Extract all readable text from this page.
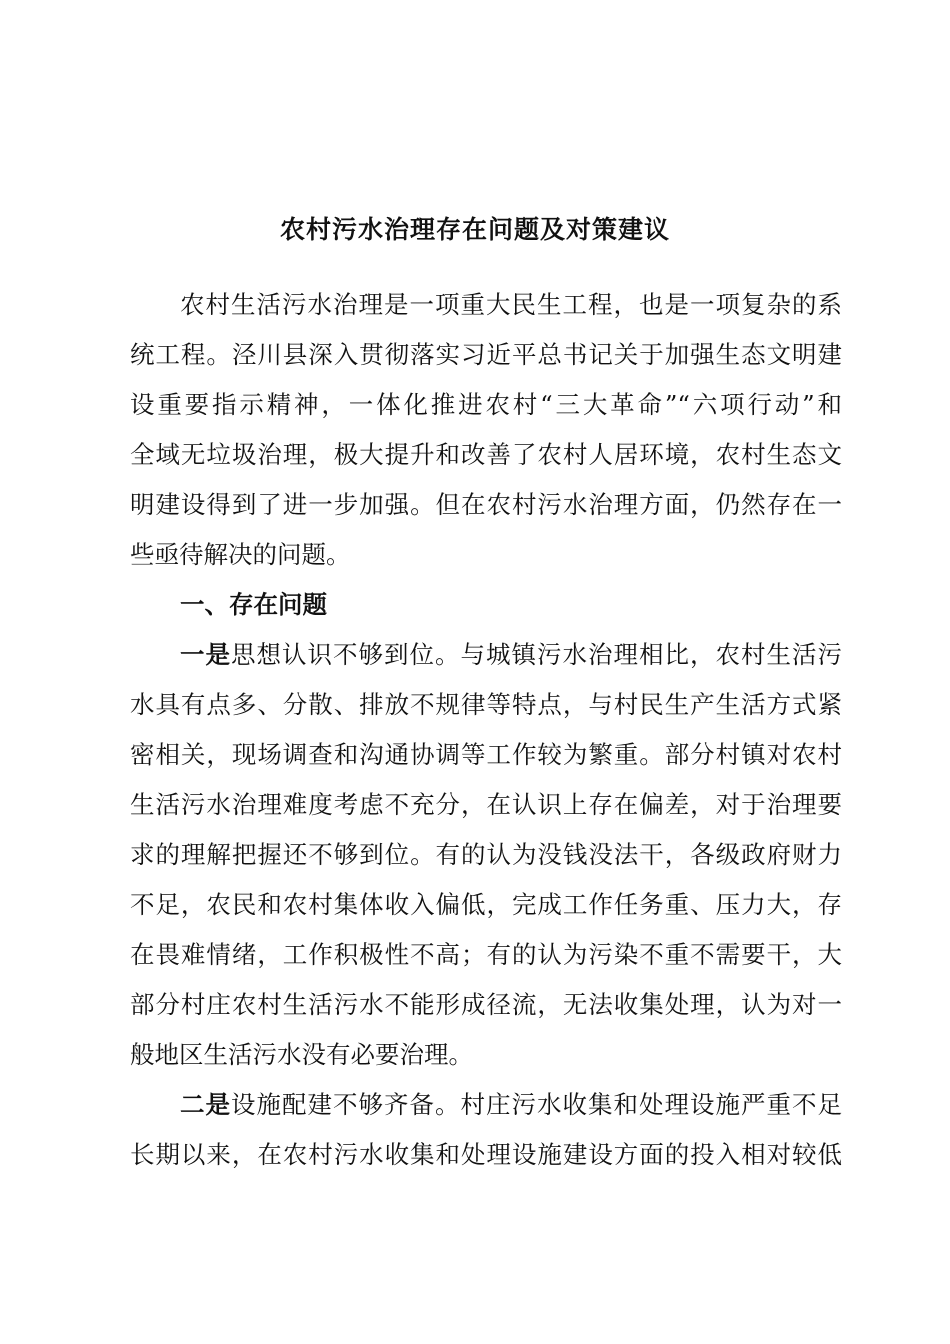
农村污水治理存在问题及对策建议
农村生活污水治理是一项重大民生工程，也是一项复杂的系
统工程。泾川县深入贯彻落实习近平总书记关于加强生态文明建
设重要指示精神，一体化推进农村“三大革命”“六项行动”和
全域无垃圾治理，极大提升和改善了农村人居环境，农村生态文
明建设得到了进一步加强。但在农村污水治理方面，仍然存在一
些亟待解决的问题。
一、存在问题
一是思想认识不够到位。与城镇污水治理相比，农村生活污
水具有点多、分散、排放不规律等特点，与村民生产生活方式紧
密相关，现场调查和沟通协调等工作较为繁重。部分村镇对农村
生活污水治理难度考虑不充分，在认识上存在偏差，对于治理要
求的理解把握还不够到位。有的认为没钱没法干，各级政府财力
不足，农民和农村集体收入偏低，完成工作任务重、压力大，存
在畏难情绪，工作积极性不高；有的认为污染不重不需要干，大
部分村庄农村生活污水不能形成径流，无法收集处理，认为对一
般地区生活污水没有必要治理。
二是设施配建不够齐备。村庄污水收集和处理设施严重不足
长期以来，在农村污水收集和处理设施建设方面的投入相对较低
